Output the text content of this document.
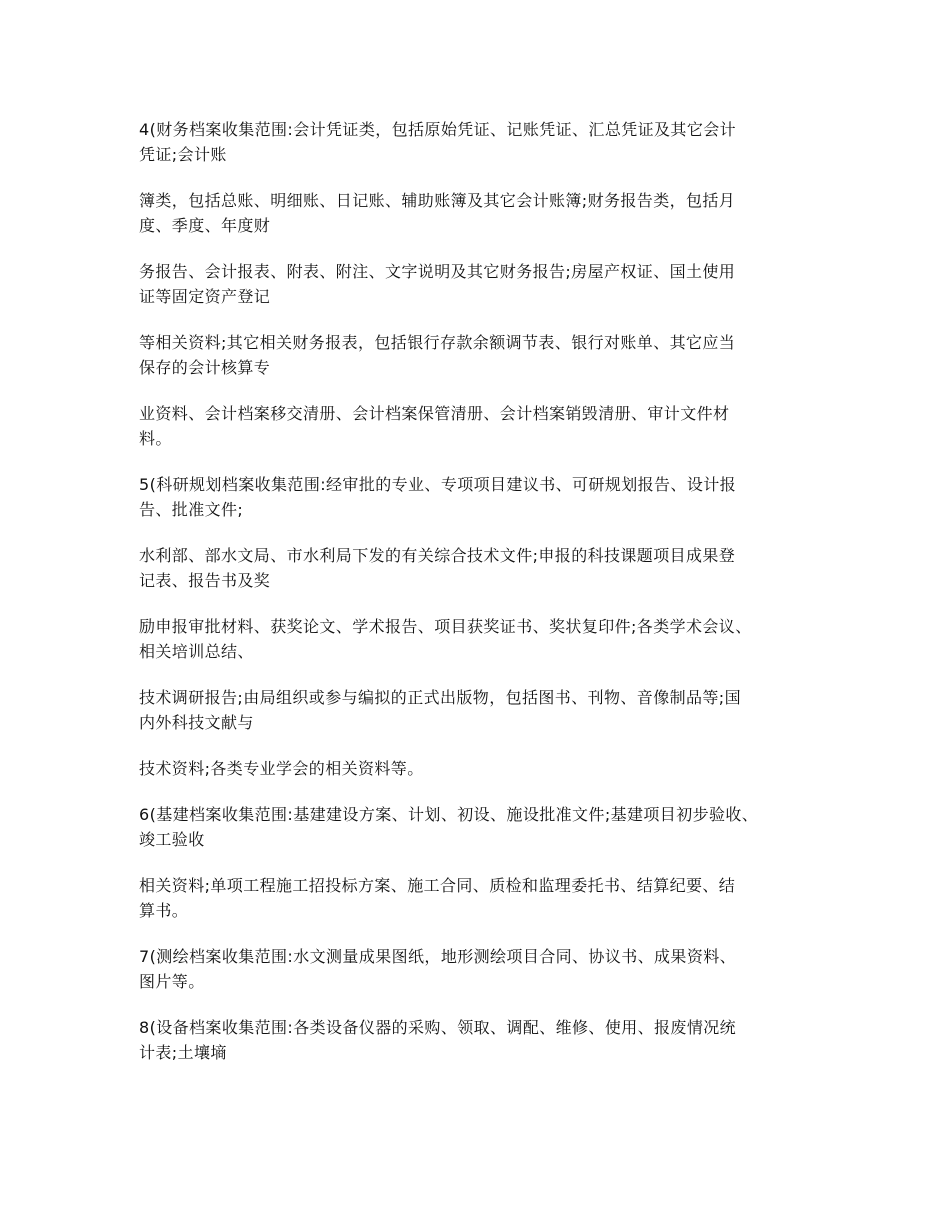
4(财务档案收集范围:会计凭证类，包括原始凭证、记账凭证、汇总凭证及其它会计
凭证;会计账

簿类，包括总账、明细账、日记账、辅助账簿及其它会计账簿;财务报告类，包括月
度、季度、年度财

务报告、会计报表、附表、附注、文字说明及其它财务报告;房屋产权证、国土使用
证等固定资产登记

等相关资料;其它相关财务报表，包括银行存款余额调节表、银行对账单、其它应当
保存的会计核算专

业资料、会计档案移交清册、会计档案保管清册、会计档案销毁清册、审计文件材
料。

5(科研规划档案收集范围:经审批的专业、专项项目建议书、可研规划报告、设计报
告、批准文件;

水利部、部水文局、市水利局下发的有关综合技术文件;申报的科技课题项目成果登
记表、报告书及奖

励申报审批材料、获奖论文、学术报告、项目获奖证书、奖状复印件;各类学术会议、
相关培训总结、

技术调研报告;由局组织或参与编拟的正式出版物，包括图书、刊物、音像制品等;国
内外科技文献与

技术资料;各类专业学会的相关资料等。

6(基建档案收集范围:基建建设方案、计划、初设、施设批准文件;基建项目初步验收、
竣工验收

相关资料;单项工程施工招投标方案、施工合同、质检和监理委托书、结算纪要、结
算书。

7(测绘档案收集范围:水文测量成果图纸，地形测绘项目合同、协议书、成果资料、
图片等。

8(设备档案收集范围:各类设备仪器的采购、领取、调配、维修、使用、报废情况统
计表;土壤墒
